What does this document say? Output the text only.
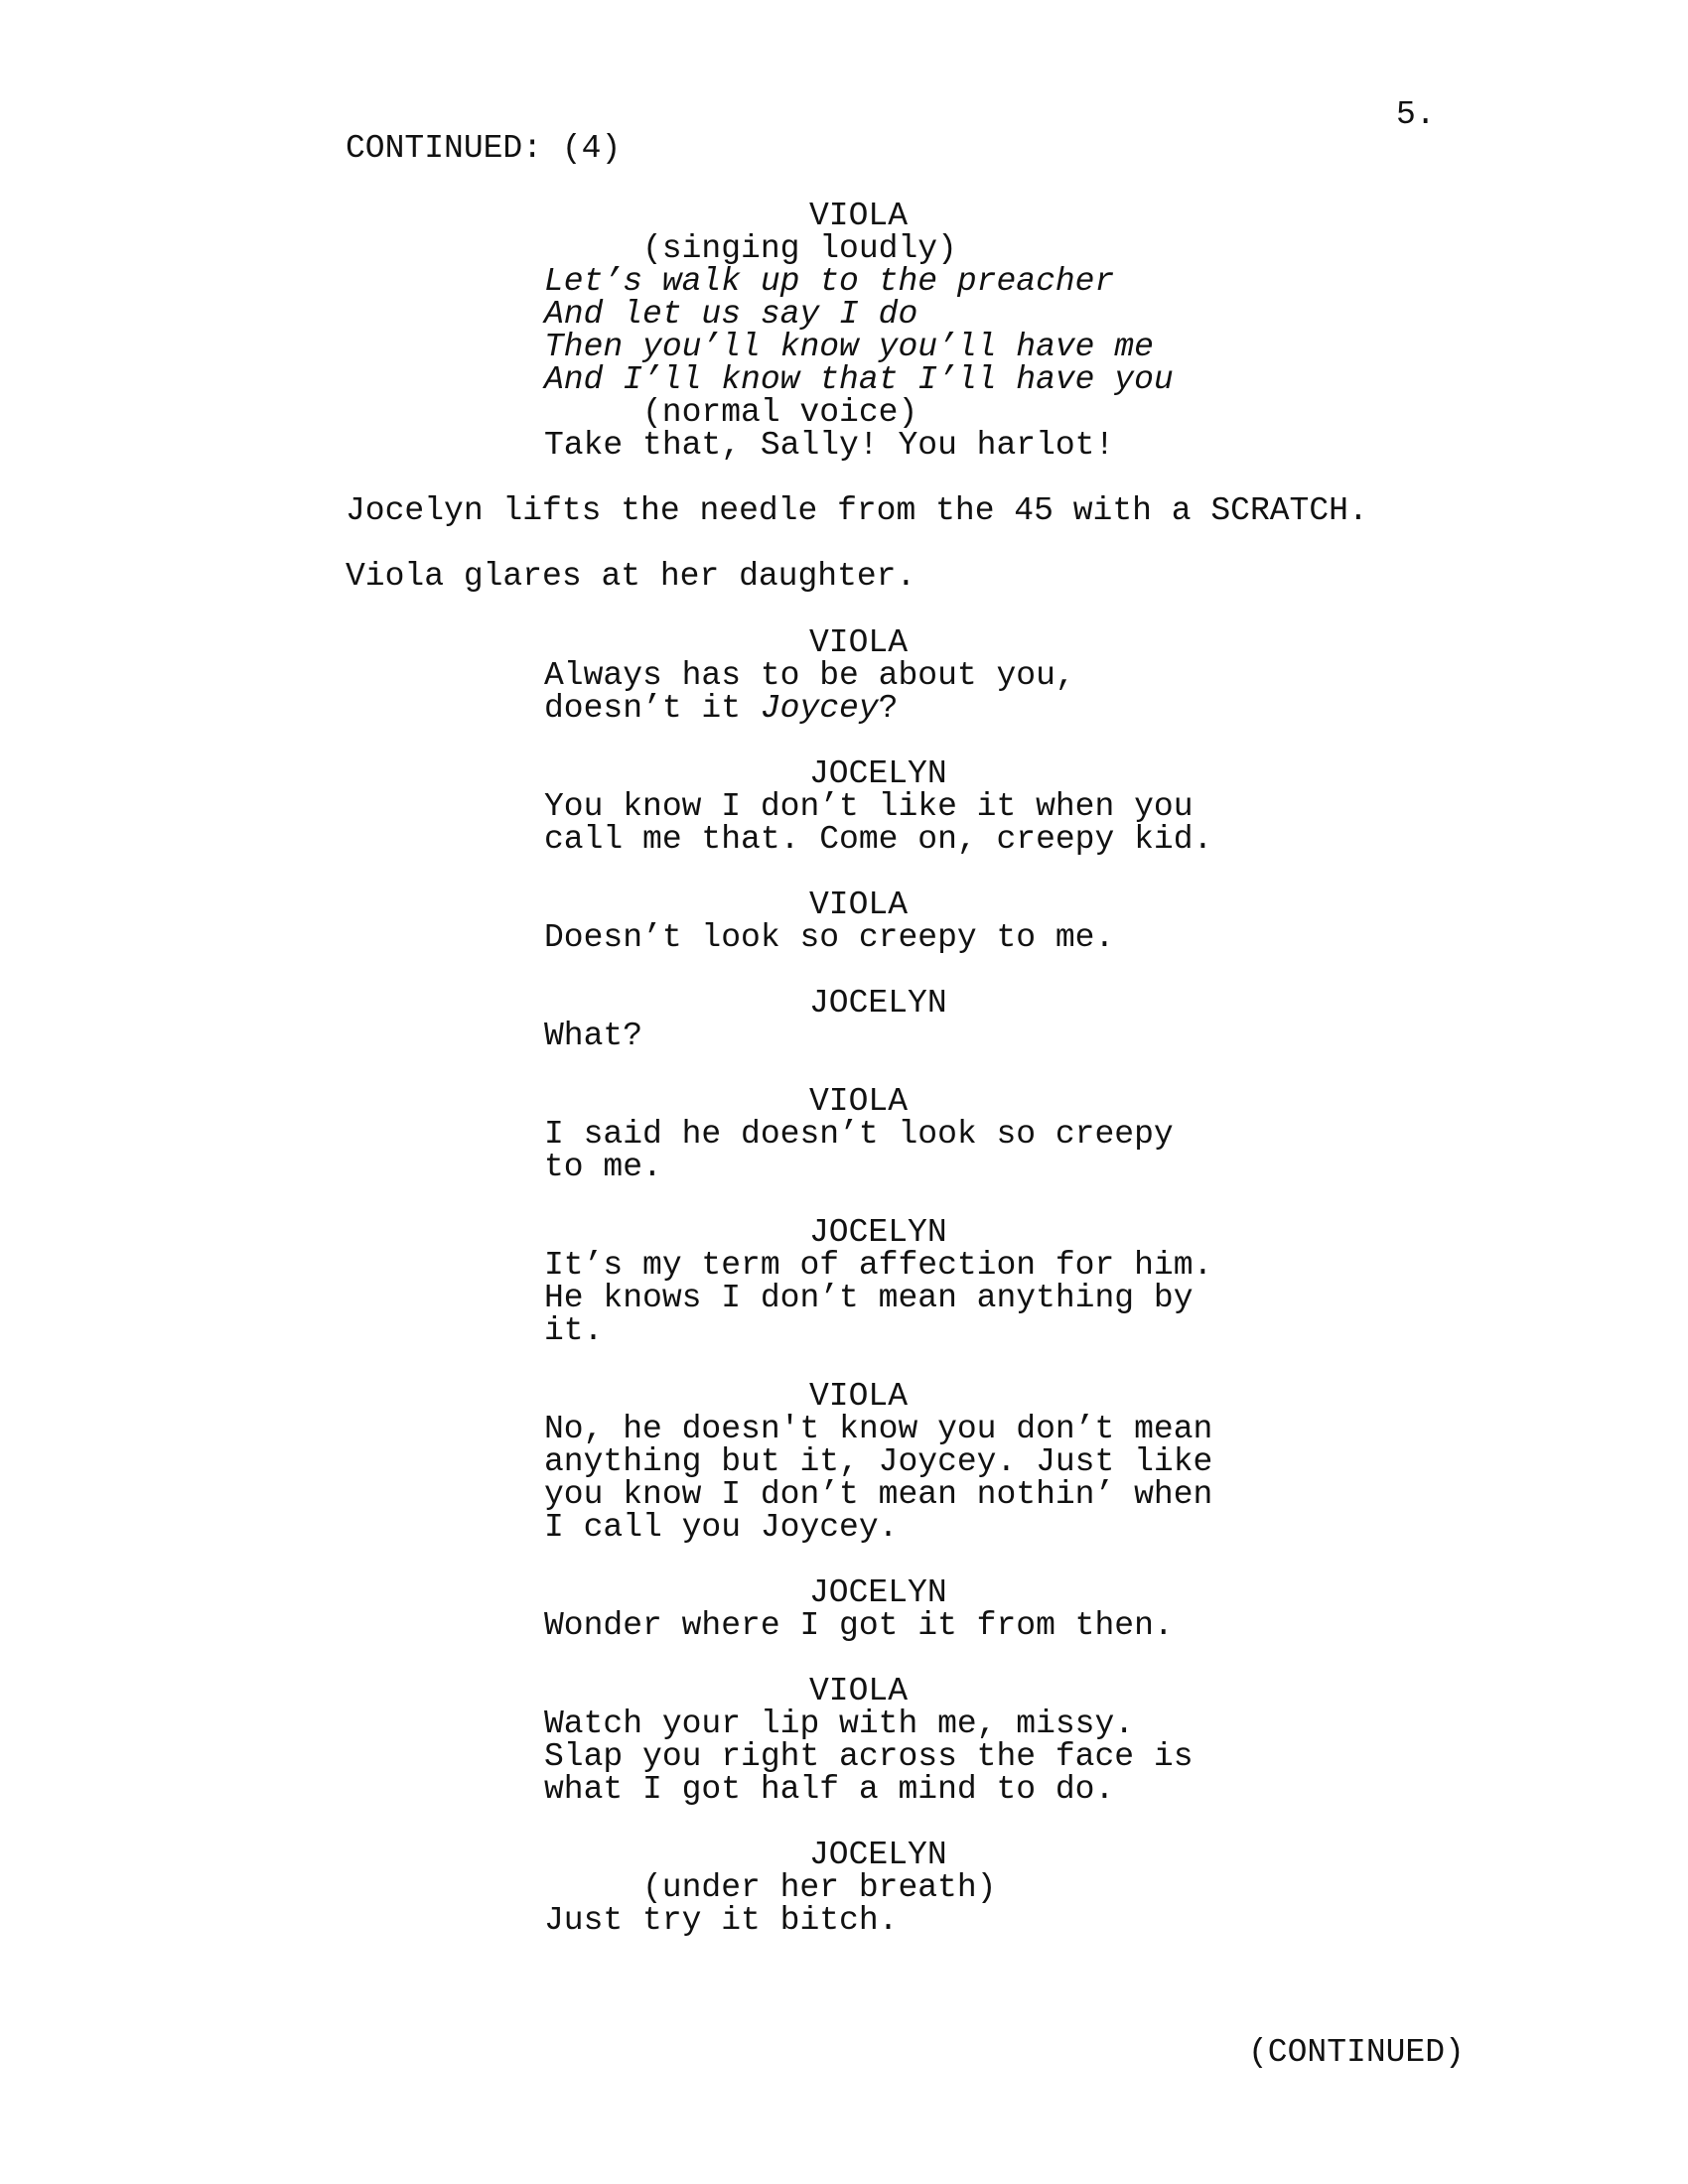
5.
CONTINUED: (4)
VIOLA
(singing loudly)
Let’s walk up to the preacher
And let us say I do
Then you’ll know you’ll have me
And I’ll know that I’ll have you
(normal voice)
Take that, Sally! You harlot!
Jocelyn lifts the needle from the 45 with a SCRATCH.
Viola glares at her daughter.
VIOLA
Always has to be about you,
doesn’t it Joycey?
JOCELYN
You know I don’t like it when you
call me that. Come on, creepy kid.
VIOLA
Doesn’t look so creepy to me.
JOCELYN
What?
VIOLA
I said he doesn’t look so creepy
to me.
JOCELYN
It’s my term of affection for him.
He knows I don’t mean anything by
it.
VIOLA
No, he doesn't know you don’t mean
anything but it, Joycey. Just like
you know I don’t mean nothin’ when
I call you Joycey.
JOCELYN
Wonder where I got it from then.
VIOLA
Watch your lip with me, missy.
Slap you right across the face is
what I got half a mind to do.
JOCELYN
(under her breath)
Just try it bitch.
(CONTINUED)
